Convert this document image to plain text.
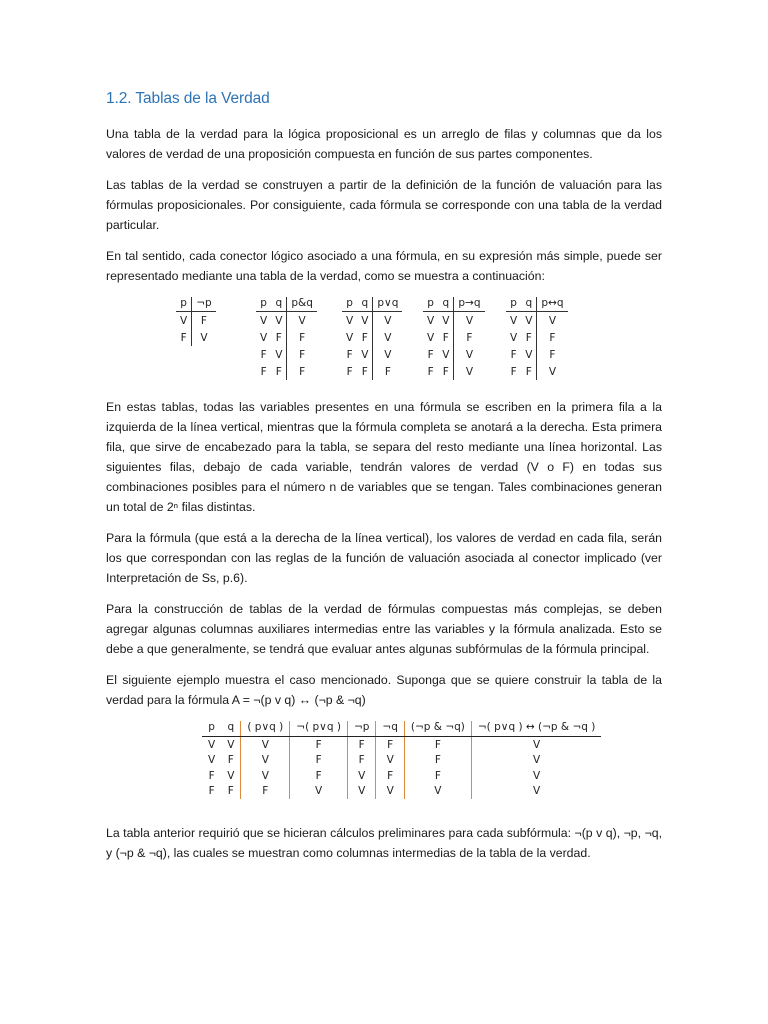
1.2. Tablas de la Verdad

Una tabla de la verdad para la lógica proposicional es un arreglo de filas y columnas que da los valores de verdad de una proposición compuesta en función de sus partes componentes.

Las tablas de la verdad se construyen a partir de la definición de la función de valuación para las fórmulas proposicionales. Por consiguiente, cada fórmula se corresponde con una tabla de la verdad particular.

En tal sentido, cada conector lógico asociado a una fórmula, en su expresión más simple, puede ser representado mediante una tabla de la verdad, como se muestra a continuación:

p	¬p
V	F
F	V
p	q	p&q
V	V	V
V	F	F
F	V	F
F	F	F
p	q	p∨q
V	V	V
V	F	V
F	V	V
F	F	F
p	q	p→q
V	V	V
V	F	F
F	V	V
F	F	V
p	q	p↔q
V	V	V
V	F	F
F	V	F
F	F	V

En estas tablas, todas las variables presentes en una fórmula se escriben en la primera fila a la izquierda de la línea vertical, mientras que la fórmula completa se anotará a la derecha. Esta primera fila, que sirve de encabezado para la tabla, se separa del resto mediante una línea horizontal. Las siguientes filas, debajo de cada variable, tendrán valores de verdad (V o F) en todas sus combinaciones posibles para el número n de variables que se tengan. Tales combinaciones generan un total de 2ⁿ filas distintas.

Para la fórmula (que está a la derecha de la línea vertical), los valores de verdad en cada fila, serán los que correspondan con las reglas de la función de valuación asociada al conector implicado (ver Interpretación de Ss, p.6).

Para la construcción de tablas de la verdad de fórmulas compuestas más complejas, se deben agregar algunas columnas auxiliares intermedias entre las variables y la fórmula analizada. Esto se debe a que generalmente, se tendrá que evaluar antes algunas subfórmulas de la fórmula principal.

El siguiente ejemplo muestra el caso mencionado. Suponga que se quiere construir la tabla de la verdad para la fórmula A = ¬(p v q) ↔ (¬p & ¬q)

p	q	( p∨q )	¬( p∨q )	¬p	¬q	(¬p & ¬q)	¬( p∨q ) ↔ (¬p & ¬q )
V	V	V	F	F	F	F	V
V	F	V	F	F	V	F	V
F	V	V	F	V	F	F	V
F	F	F	V	V	V	V	V

La tabla anterior requirió que se hicieran cálculos preliminares para cada subfórmula: ¬(p v q), ¬p, ¬q, y (¬p & ¬q), las cuales se muestran como columnas intermedias de la tabla de la verdad.
